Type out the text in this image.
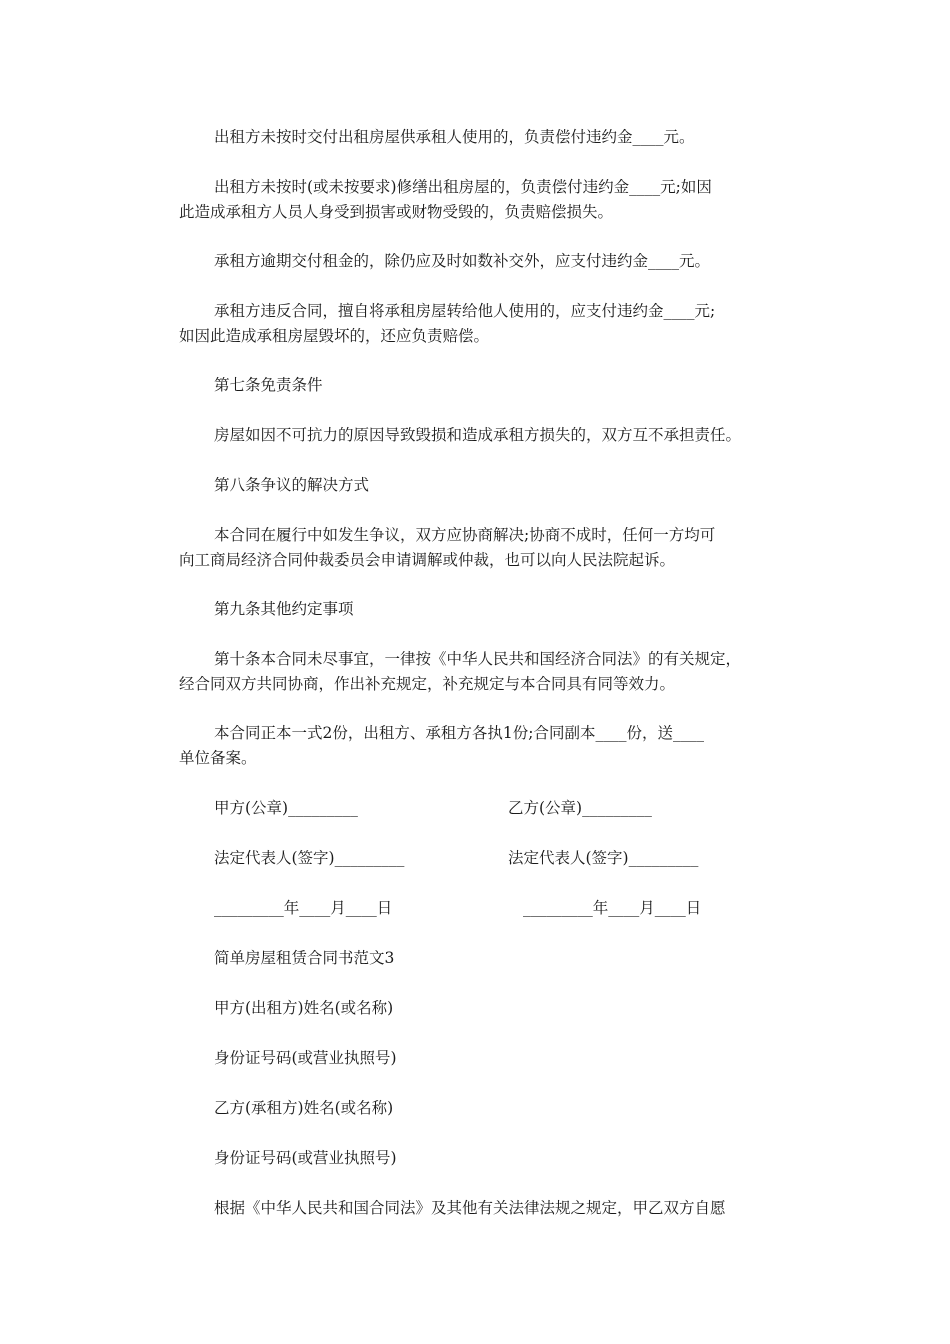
出租方未按时交付出租房屋供承租人使用的，负责偿付违约金____元。

出租方未按时(或未按要求)修缮出租房屋的，负责偿付违约金____元;如因
此造成承租方人员人身受到损害或财物受毁的，负责赔偿损失。

承租方逾期交付租金的，除仍应及时如数补交外，应支付违约金____元。

承租方违反合同，擅自将承租房屋转给他人使用的，应支付违约金____元;
如因此造成承租房屋毁坏的，还应负责赔偿。

第七条免责条件

房屋如因不可抗力的原因导致毁损和造成承租方损失的，双方互不承担责任。

第八条争议的解决方式

本合同在履行中如发生争议，双方应协商解决;协商不成时，任何一方均可
向工商局经济合同仲裁委员会申请调解或仲裁，也可以向人民法院起诉。

第九条其他约定事项

第十条本合同未尽事宜，一律按《中华人民共和国经济合同法》的有关规定，
经合同双方共同协商，作出补充规定，补充规定与本合同具有同等效力。

本合同正本一式2份，出租方、承租方各执1份;合同副本____份，送____
单位备案。

甲方(公章)_________	乙方(公章)_________
法定代表人(签字)_________	法定代表人(签字)_________
_________年____月____日	_________年____月____日

简单房屋租赁合同书范文3

甲方(出租方)姓名(或名称)

身份证号码(或营业执照号)

乙方(承租方)姓名(或名称)

身份证号码(或营业执照号)

根据《中华人民共和国合同法》及其他有关法律法规之规定，甲乙双方自愿
